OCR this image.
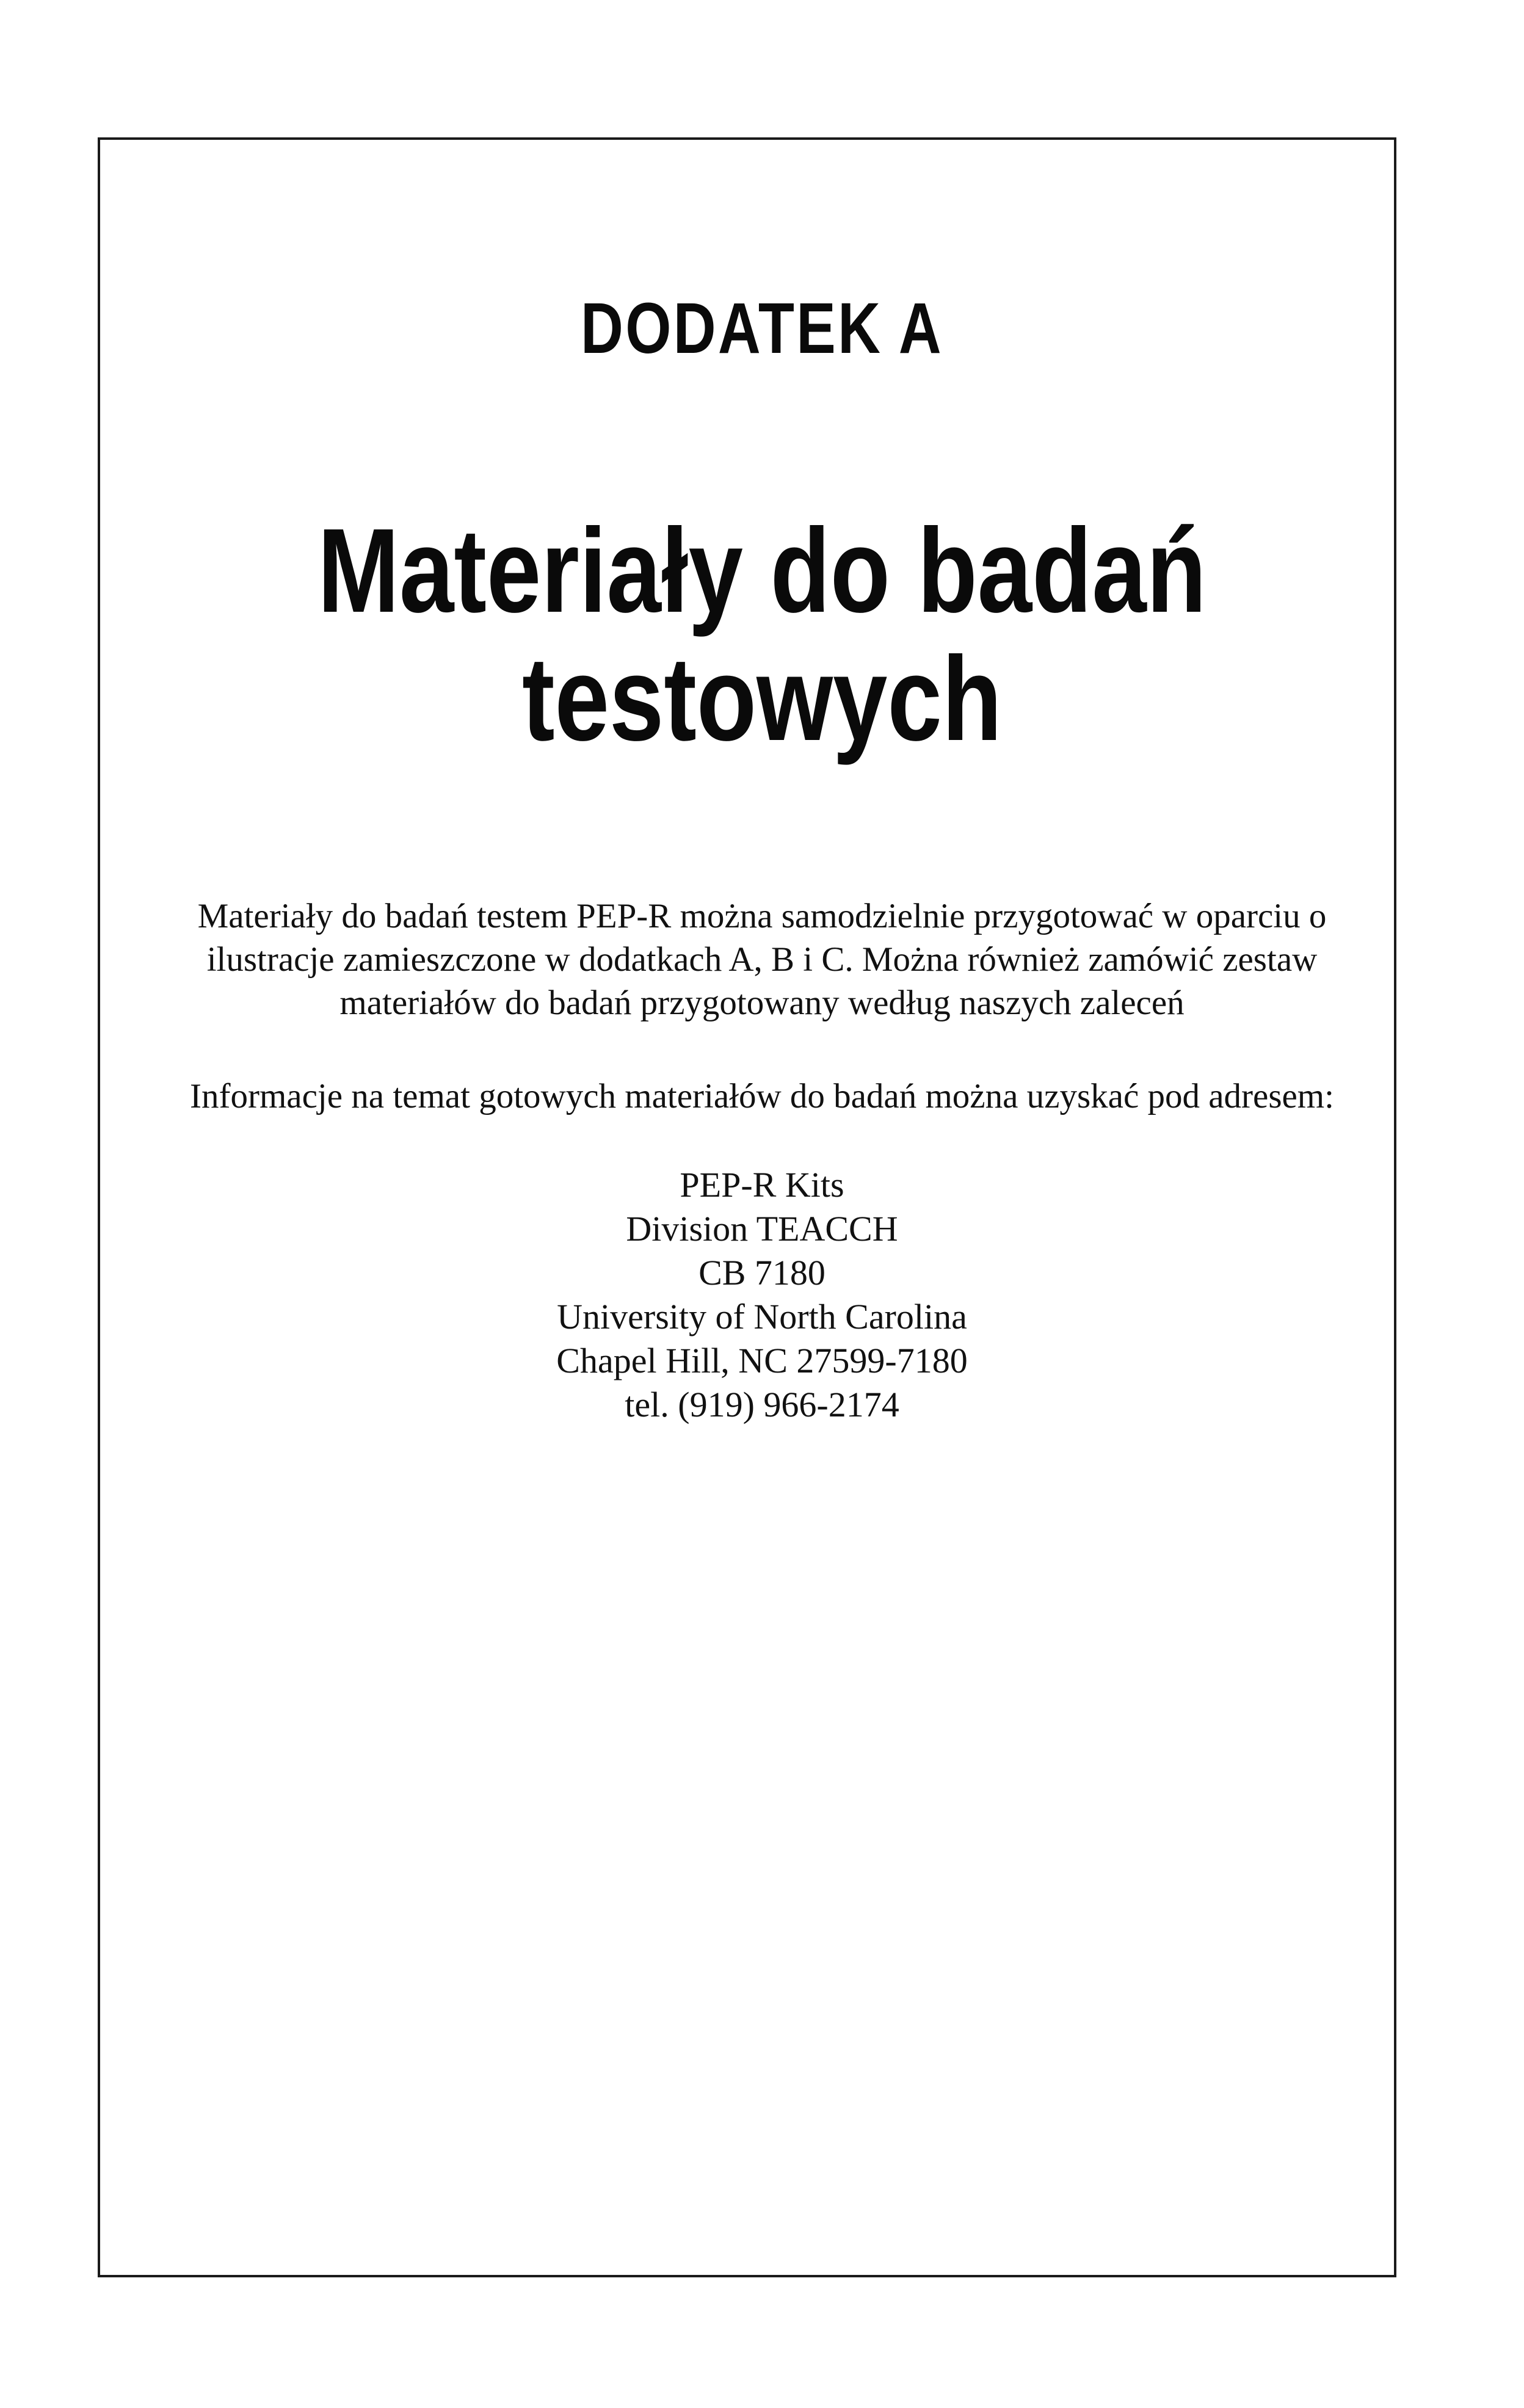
DODATEK A
Materiały do badań
testowych

Materiały do badań testem PEP-R można samodzielnie przygotować w oparciu o ilustracje zamieszczone w dodatkach A, B i C. Można również zamówić zestaw materiałów do badań przygotowany według naszych zaleceń

Informacje na temat gotowych materiałów do badań można uzyskać pod adresem:

PEP-R Kits
Division TEACCH
CB 7180
University of North Carolina
Chapel Hill, NC 27599-7180
tel. (919) 966-2174
